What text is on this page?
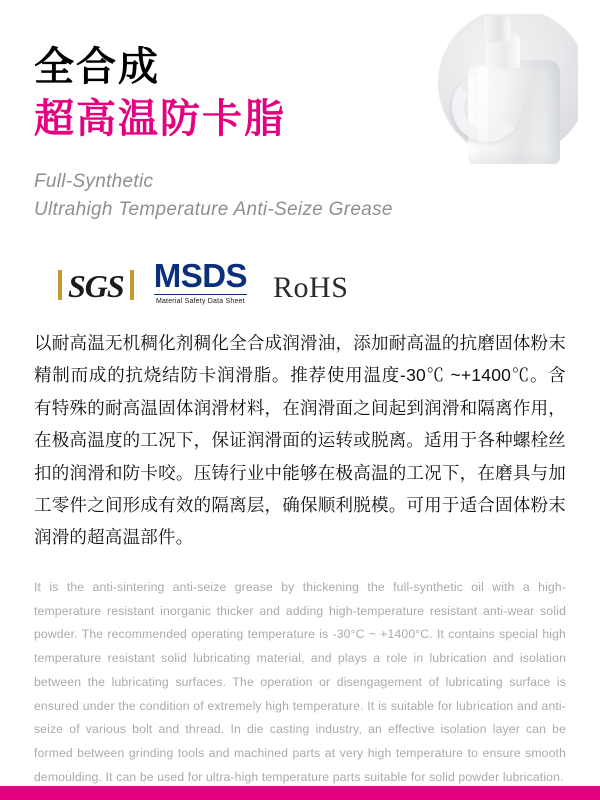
全合成
超高温防卡脂

Full-Synthetic
Ultrahigh Temperature Anti-Seize Grease

SGS MSDS
Material Safety Data Sheet RoHS

以耐高温无机稠化剂稠化全合成润滑油，添加耐高温的抗磨固体粉末精制而成的抗烧结防卡润滑脂。推荐使用温度-30℃ ~+1400℃。含有特殊的耐高温固体润滑材料，在润滑面之间起到润滑和隔离作用，在极高温度的工况下，保证润滑面的运转或脱离。适用于各种螺栓丝扣的润滑和防卡咬。压铸行业中能够在极高温的工况下，在磨具与加工零件之间形成有效的隔离层，确保顺利脱模。可用于适合固体粉末润滑的超高温部件。

It is the anti-sintering anti-seize grease by thickening the full-synthetic oil with a high-temperature resistant inorganic thicker and adding high-temperature resistant anti-wear solid powder. The recommended operating temperature is -30°C ~ +1400°C. It contains special high temperature resistant solid lubricating material, and plays a role in lubrication and isolation between the lubricating surfaces. The operation or disengagement of lubricating surface is ensured under the condition of extremely high temperature. It is suitable for lubrication and anti-seize of various bolt and thread. In die casting industry, an effective isolation layer can be formed between grinding tools and machined parts at very high temperature to ensure smooth demoulding. It can be used for ultra-high temperature parts suitable for solid powder lubrication.
